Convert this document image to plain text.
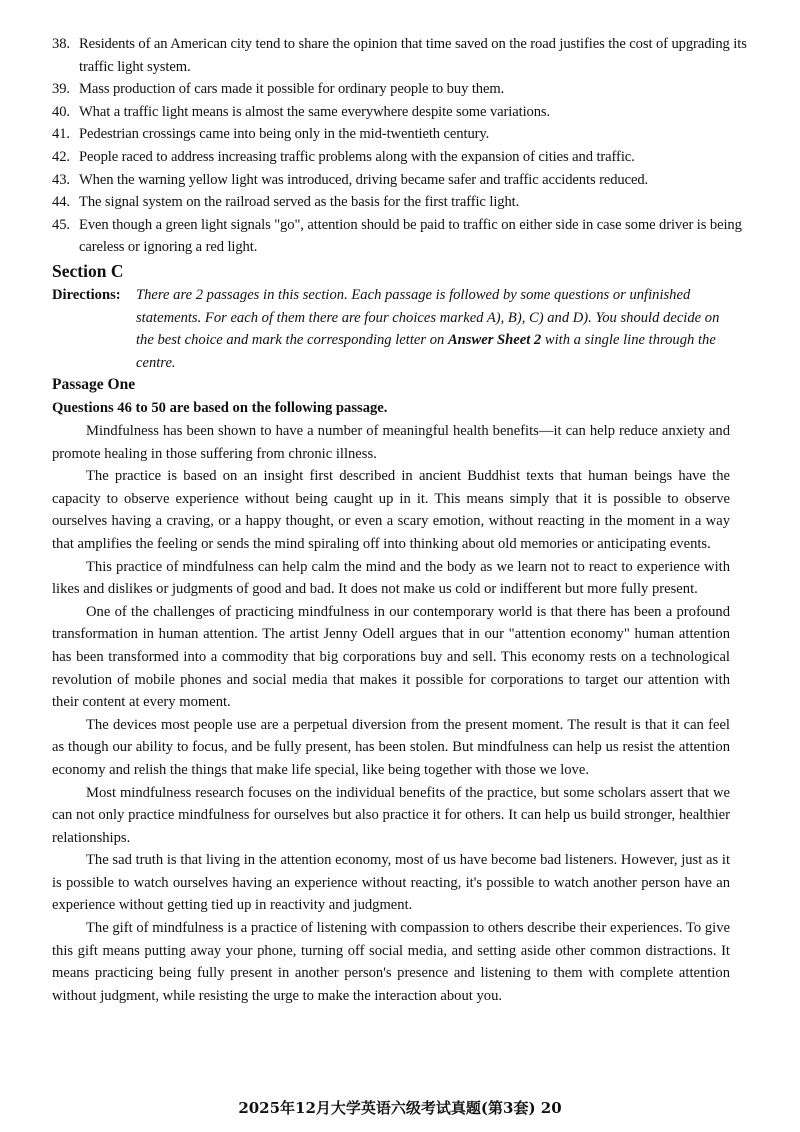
38. Residents of an American city tend to share the opinion that time saved on the road justifies the cost of upgrading its traffic light system.
39. Mass production of cars made it possible for ordinary people to buy them.
40. What a traffic light means is almost the same everywhere despite some variations.
41. Pedestrian crossings came into being only in the mid-twentieth century.
42. People raced to address increasing traffic problems along with the expansion of cities and traffic.
43. When the warning yellow light was introduced, driving became safer and traffic accidents reduced.
44. The signal system on the railroad served as the basis for the first traffic light.
45. Even though a green light signals "go", attention should be paid to traffic on either side in case some driver is being careless or ignoring a red light.
Section C
Directions:	There are 2 passages in this section. Each passage is followed by some questions or unfinished statements. For each of them there are four choices marked A), B), C) and D). You should decide on the best choice and mark the corresponding letter on Answer Sheet 2 with a single line through the centre.
Passage One
Questions 46 to 50 are based on the following passage.

Mindfulness has been shown to have a number of meaningful health benefits—it can help reduce anxiety and promote healing in those suffering from chronic illness.

The practice is based on an insight first described in ancient Buddhist texts that human beings have the capacity to observe experience without being caught up in it. This means simply that it is possible to observe ourselves having a craving, or a happy thought, or even a scary emotion, without reacting in the moment in a way that amplifies the feeling or sends the mind spiraling off into thinking about old memories or anticipating events.

This practice of mindfulness can help calm the mind and the body as we learn not to react to experience with likes and dislikes or judgments of good and bad. It does not make us cold or indifferent but more fully present.

One of the challenges of practicing mindfulness in our contemporary world is that there has been a profound transformation in human attention. The artist Jenny Odell argues that in our "attention economy" human attention has been transformed into a commodity that big corporations buy and sell. This economy rests on a technological revolution of mobile phones and social media that makes it possible for corporations to target our attention with their content at every moment.

The devices most people use are a perpetual diversion from the present moment. The result is that it can feel as though our ability to focus, and be fully present, has been stolen. But mindfulness can help us resist the attention economy and relish the things that make life special, like being together with those we love.

Most mindfulness research focuses on the individual benefits of the practice, but some scholars assert that we can not only practice mindfulness for ourselves but also practice it for others. It can help us build stronger, healthier relationships.

The sad truth is that living in the attention economy, most of us have become bad listeners. However, just as it is possible to watch ourselves having an experience without reacting, it's possible to watch another person have an experience without getting tied up in reactivity and judgment.

The gift of mindfulness is a practice of listening with compassion to others describe their experiences. To give this gift means putting away your phone, turning off social media, and setting aside other common distractions. It means practicing being fully present in another person's presence and listening to them with complete attention without judgment, while resisting the urge to make the interaction about you.

2025年12月大学英语六级考试真题(第3套) 20
